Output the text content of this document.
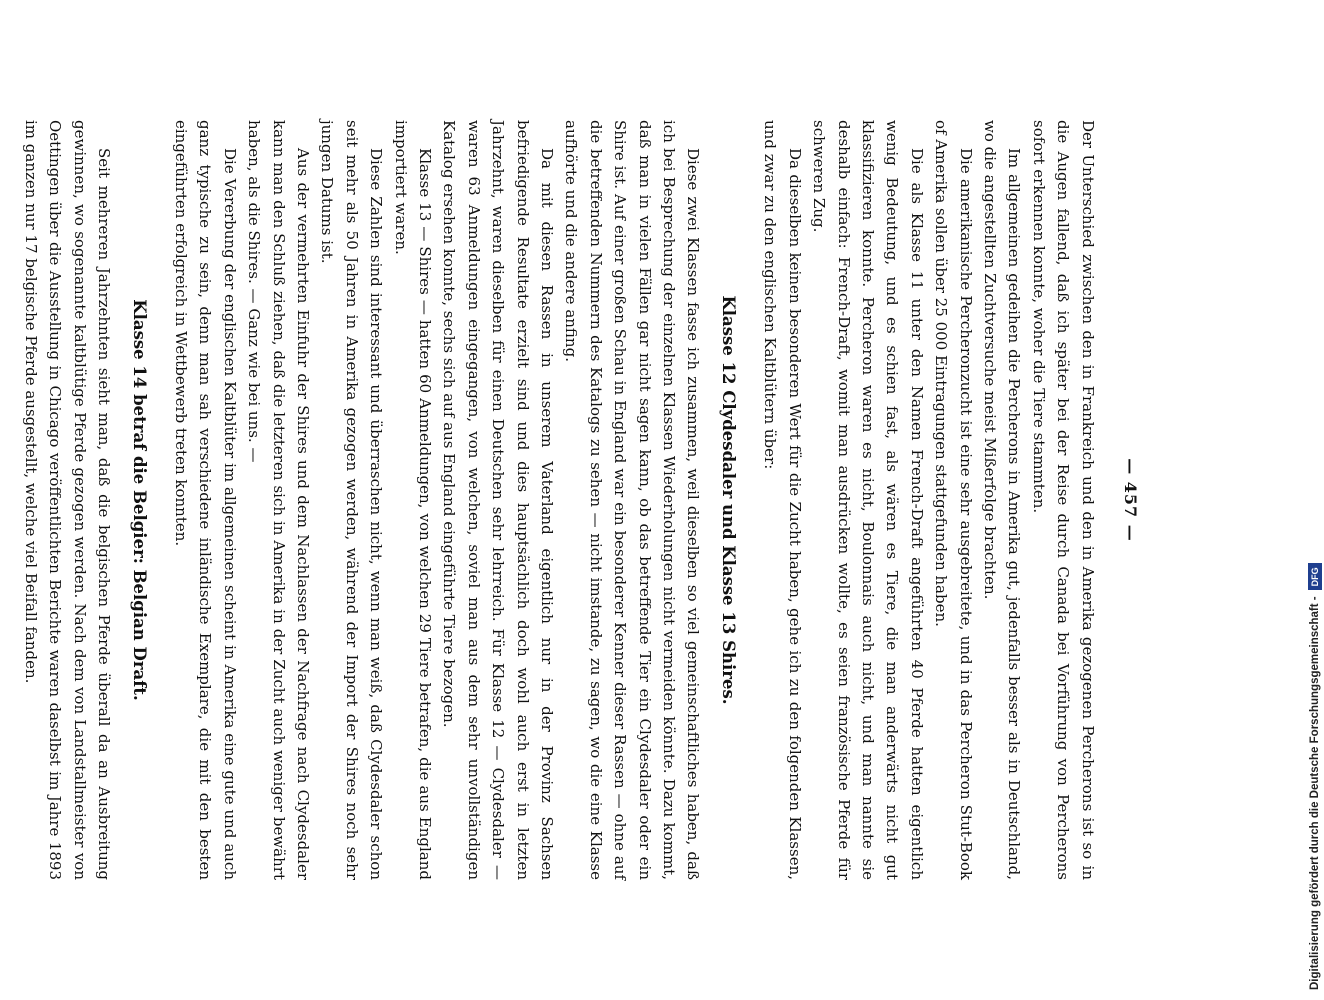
— 457 —

Der Unterschied zwischen den in Frankreich und den in Amerika gezogenen Percherons ist so in die Augen fallend, daß ich später bei der Reise durch Canada bei Vorführung von Percherons sofort erkennen konnte, woher die Tiere stammten.

Im allgemeinen gedeihen die Percherons in Amerika gut, jedenfalls besser als in Deutschland, wo die angestellten Zuchtversuche meist Mißerfolge brachten.

Die amerikanische Percheronzucht ist eine sehr ausgebreitete, und in das Percheron Stut-Book of Amerika sollen über 25 000 Eintragungen stattgefunden haben.

Die als Klasse 11 unter den Namen French-Draft angeführten 40 Pferde hatten eigentlich wenig Bedeutung, und es schien fast, als wären es Tiere, die man anderwärts nicht gut klassifizieren konnte. Percheron waren es nicht, Boulonnais auch nicht, und man nannte sie deshalb einfach: French-Draft, womit man ausdrücken wollte, es seien französische Pferde für schweren Zug.

Da dieselben keinen besonderen Wert für die Zucht haben, gehe ich zu den folgenden Klassen, und zwar zu den englischen Kaltblütern über:

Klasse 12 Clydesdaler und Klasse 13 Shires.

Diese zwei Klassen fasse ich zusammen, weil dieselben so viel gemeinschaftliches haben, daß ich bei Besprechung der einzelnen Klassen Wiederholungen nicht vermeiden könnte. Dazu kommt, daß man in vielen Fällen gar nicht sagen kann, ob das betreffende Tier ein Clydesdaler oder ein Shire ist. Auf einer großen Schau in England war ein besonderer Kenner dieser Rassen — ohne auf die betreffenden Nummern des Katalogs zu sehen — nicht imstande, zu sagen, wo die eine Klasse aufhörte und die andere anfing.

Da mit diesen Rassen in unserem Vaterland eigentlich nur in der Provinz Sachsen befriedigende Resultate erzielt sind und dies hauptsächlich doch wohl auch erst in letzten Jahrzehnt, waren dieselben für einen Deutschen sehr lehrreich. Für Klasse 12 — Clydesdaler — waren 63 Anmeldungen eingegangen, von welchen, soviel man aus dem sehr unvollständigen Katalog ersehen konnte, sechs sich auf aus England eingeführte Tiere bezogen.

Klasse 13 — Shires — hatten 60 Anmeldungen, von welchen 29 Tiere betrafen, die aus England importiert waren.

Diese Zahlen sind interessant und überraschen nicht, wenn man weiß, daß Clydesdaler schon seit mehr als 50 Jahren in Amerika gezogen werden, während der Import der Shires noch sehr jungen Datums ist.

Aus der vermehrten Einfuhr der Shires und dem Nachlassen der Nachfrage nach Clydesdaler kann man den Schluß ziehen, daß die letzteren sich in Amerika in der Zucht auch weniger bewährt haben, als die Shires. — Ganz wie bei uns. —

Die Vererbung der englischen Kaltblüter im allgemeinen scheint in Amerika eine gute und auch ganz typische zu sein, denn man sah verschiedene inländische Exemplare, die mit den besten eingeführten erfolgreich in Wettbewerb treten konnten.

Klasse 14 betraf die Belgier: Belgian Draft.

Seit mehreren Jahrzehnten sieht man, daß die belgischen Pferde überall da an Ausbreitung gewinnen, wo sogenannte kaltblütige Pferde gezogen werden. Nach dem von Landstallmeister von Oettingen über die Ausstellung in Chicago veröffentlichten Berichte waren daselbst im Jahre 1893 im ganzen nur 17 belgische Pferde ausgestellt, welche viel Beifall fanden.

Digitalisierung gefördert durch die Deutsche Forschungsgemeinschaft -
DFG
